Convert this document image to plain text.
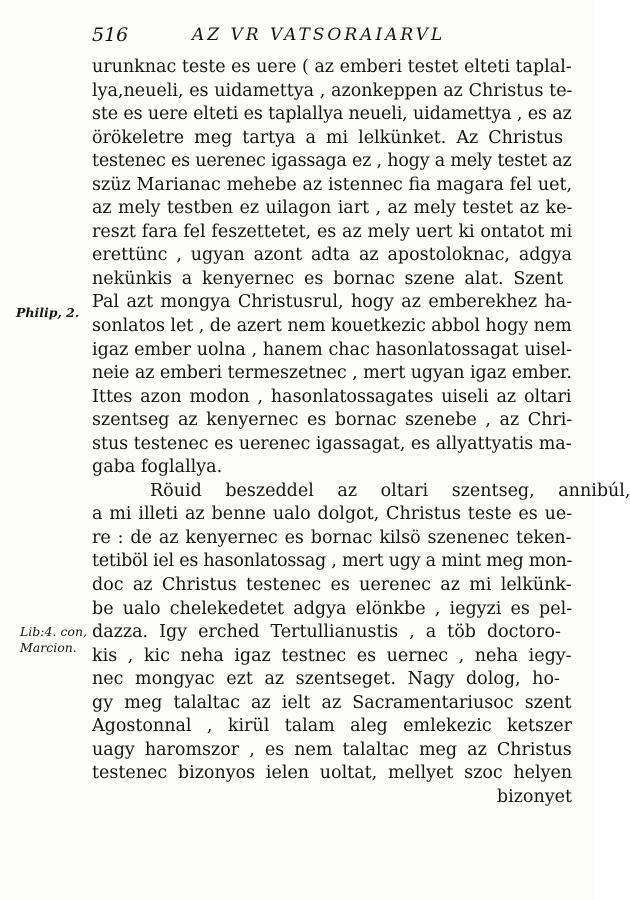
516	AZ VR VATSORAIARVL
Philip, 2.
Lib:4. con,
Marcion.
urunknac teste es uere ( az emberi testet elteti taplal-
lya,neueli, es uidamettya , azonkeppen az Christus te-
ste es uere elteti es taplallya neueli, uidamettya , es az
örökeletre meg tartya a mi lelkünket. Az Christus
testenec es uerenec igassaga ez , hogy a mely testet az
szüz Marianac mehebe az istennec fia magara fel uet,
az mely testben ez uilagon iart , az mely testet az ke-
reszt fara fel feszettetet, es az mely uert ki ontatot mi
erettünc , ugyan azont adta az apostoloknac, adgya
nekünkis a kenyernec es bornac szene alat. Szent
Pal azt mongya Christusrul, hogy az emberekhez ha-
sonlatos let , de azert nem kouetkezic abbol hogy nem
igaz ember uolna , hanem chac hasonlatossagat uisel-
neie az emberi termeszetnec , mert ugyan igaz ember.
Ittes azon modon , hasonlatossagates uiseli az oltari
szentseg az kenyernec es bornac szenebe , az Chri-
stus testenec es uerenec igassagat, es allyattyatis ma-
gaba foglallya.
Röuid beszeddel az oltari szentseg, annibúl,
a mi illeti az benne ualo dolgot, Christus teste es ue-
re : de az kenyernec es bornac kilsö szenenec teken-
tetiböl iel es hasonlatossag , mert ugy a mint meg mon-
doc az Christus testenec es uerenec az mi lelkünk-
be ualo chelekedetet adgya elönkbe , iegyzi es pel-
dazza. Igy erched Tertullianustis , a töb doctoro-
kis , kic neha igaz testnec es uernec , neha iegy-
nec mongyac ezt az szentseget. Nagy dolog, ho-
gy meg talaltac az ielt az Sacramentariusoc szent
Agostonnal , kirül talam aleg emlekezic ketszer
uagy haromszor , es nem talaltac meg az Christus
testenec bizonyos ielen uoltat, mellyet szoc helyen
bizonyet
